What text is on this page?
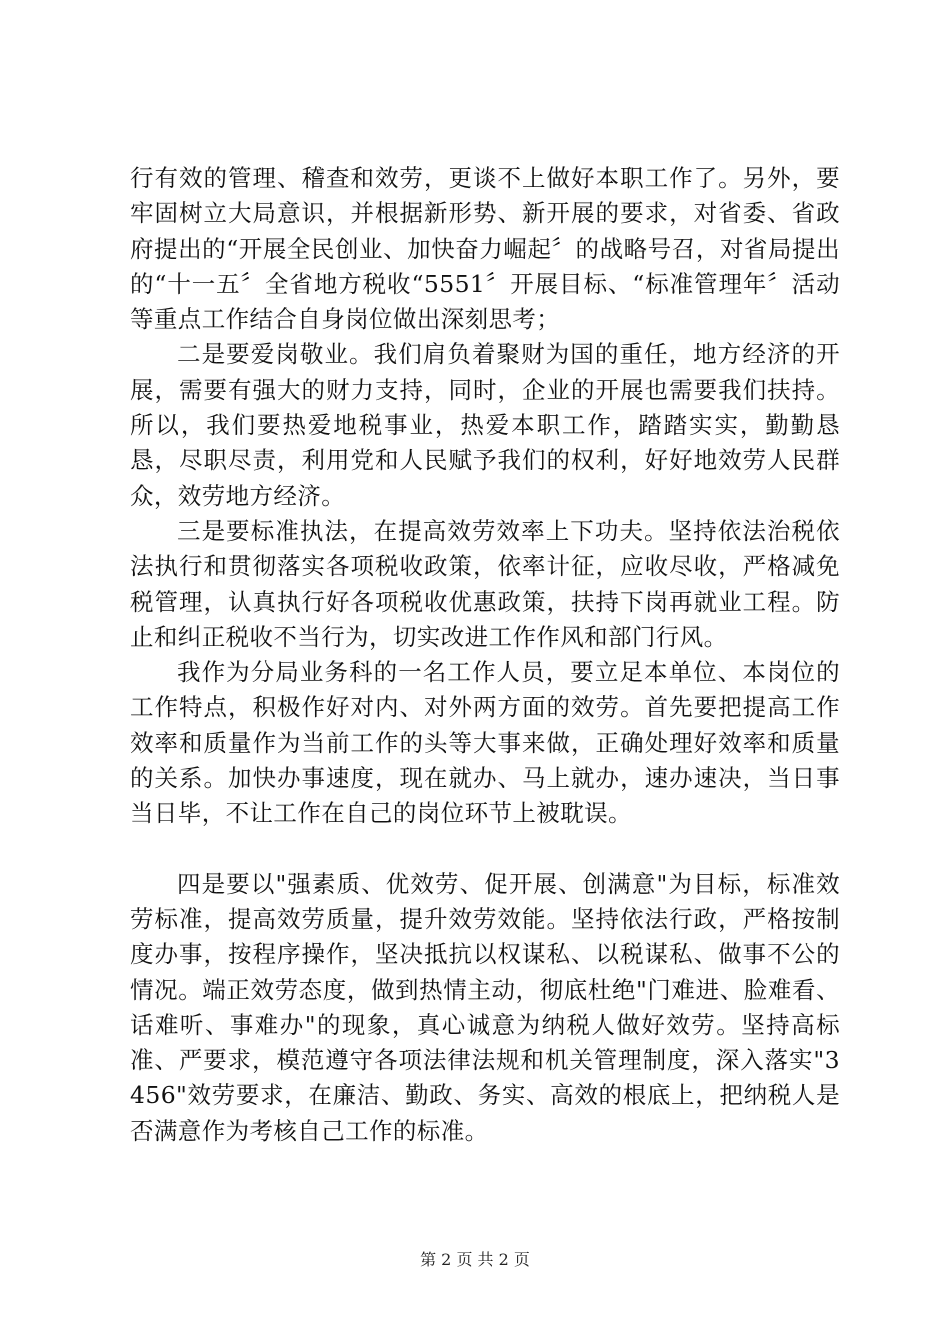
行有效的管理、稽查和效劳，更谈不上做好本职工作了。另外，要牢固树立大局意识，并根据新形势、新开展的要求，对省委、省政府提出的“开展全民创业、加快奋力崛起〞的战略号召，对省局提出的“十一五〞全省地方税收“5551〞开展目标、“标准管理年〞活动等重点工作结合自身岗位做出深刻思考；

二是要爱岗敬业。我们肩负着聚财为国的重任，地方经济的开展，需要有强大的财力支持，同时，企业的开展也需要我们扶持。所以，我们要热爱地税事业，热爱本职工作，踏踏实实，勤勤恳恳，尽职尽责，利用党和人民赋予我们的权利，好好地效劳人民群众，效劳地方经济。

三是要标准执法，在提高效劳效率上下功夫。坚持依法治税依法执行和贯彻落实各项税收政策，依率计征，应收尽收，严格减免税管理，认真执行好各项税收优惠政策，扶持下岗再就业工程。防止和纠正税收不当行为，切实改进工作作风和部门行风。

我作为分局业务科的一名工作人员，要立足本单位、本岗位的工作特点，积极作好对内、对外两方面的效劳。首先要把提高工作效率和质量作为当前工作的头等大事来做，正确处理好效率和质量的关系。加快办事速度，现在就办、马上就办，速办速决，当日事当日毕，不让工作在自己的岗位环节上被耽误。

四是要以"强素质、优效劳、促开展、创满意"为目标，标准效劳标准，提高效劳质量，提升效劳效能。坚持依法行政，严格按制度办事，按程序操作，坚决抵抗以权谋私、以税谋私、做事不公的情况。端正效劳态度，做到热情主动，彻底杜绝"门难进、脸难看、话难听、事难办"的现象，真心诚意为纳税人做好效劳。坚持高标准、严要求，模范遵守各项法律法规和机关管理制度，深入落实"3456"效劳要求，在廉洁、勤政、务实、高效的根底上，把纳税人是否满意作为考核自己工作的标准。

第 2 页 共 2 页
